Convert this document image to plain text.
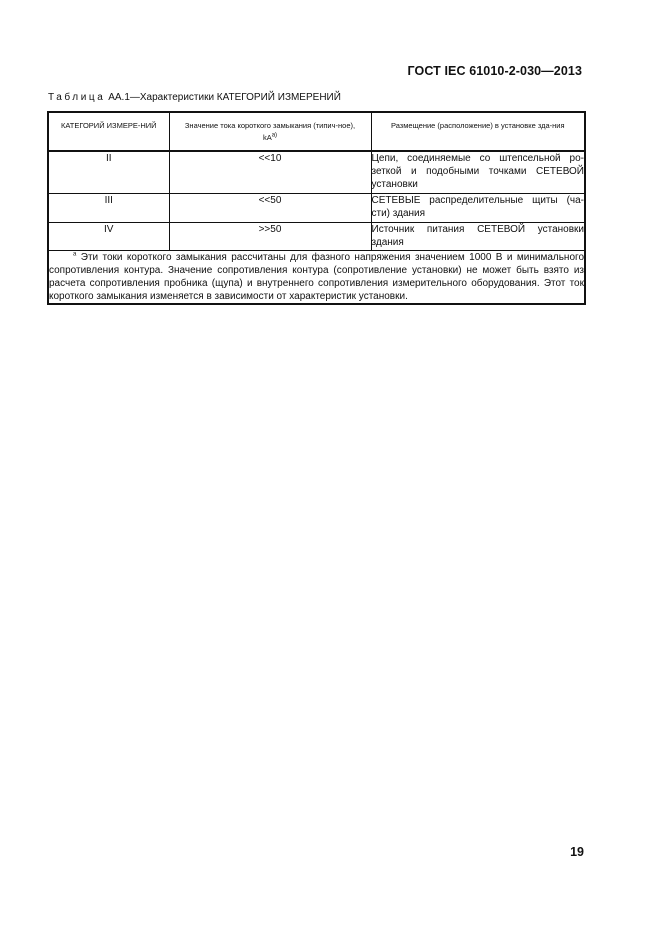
ГОСТ IEC 61010-2-030—2013
Таблица АА.1—Характеристики КАТЕГОРИЙ ИЗМЕРЕНИЙ
КАТЕГОРИЙ ИЗМЕРЕ-НИЙ	Значение тока короткого замыкания (типич-ное), kA$^{а)}$	Размещение (расположение) в установке зда-ния
II	<<10	Цепи, соединяемые со штепсельной ро-зеткой и подобными точками СЕТЕВОЙ установки
III	<<50	СЕТЕВЫЕ распределительные щиты (ча-сти) здания
IV	>>50	Источник питания СЕТЕВОЙ установки здания
$^а$ Эти токи короткого замыкания рассчитаны для фазного напряжения значением 1000 В и минимального сопротивления контура. Значение сопротивления контура (сопротивление установки) не может быть взято из расчета сопротивления пробника (щупа) и внутреннего сопротивления измерительного оборудования. Этот ток короткого замыкания изменяется в зависимости от характеристик установки.		
19
